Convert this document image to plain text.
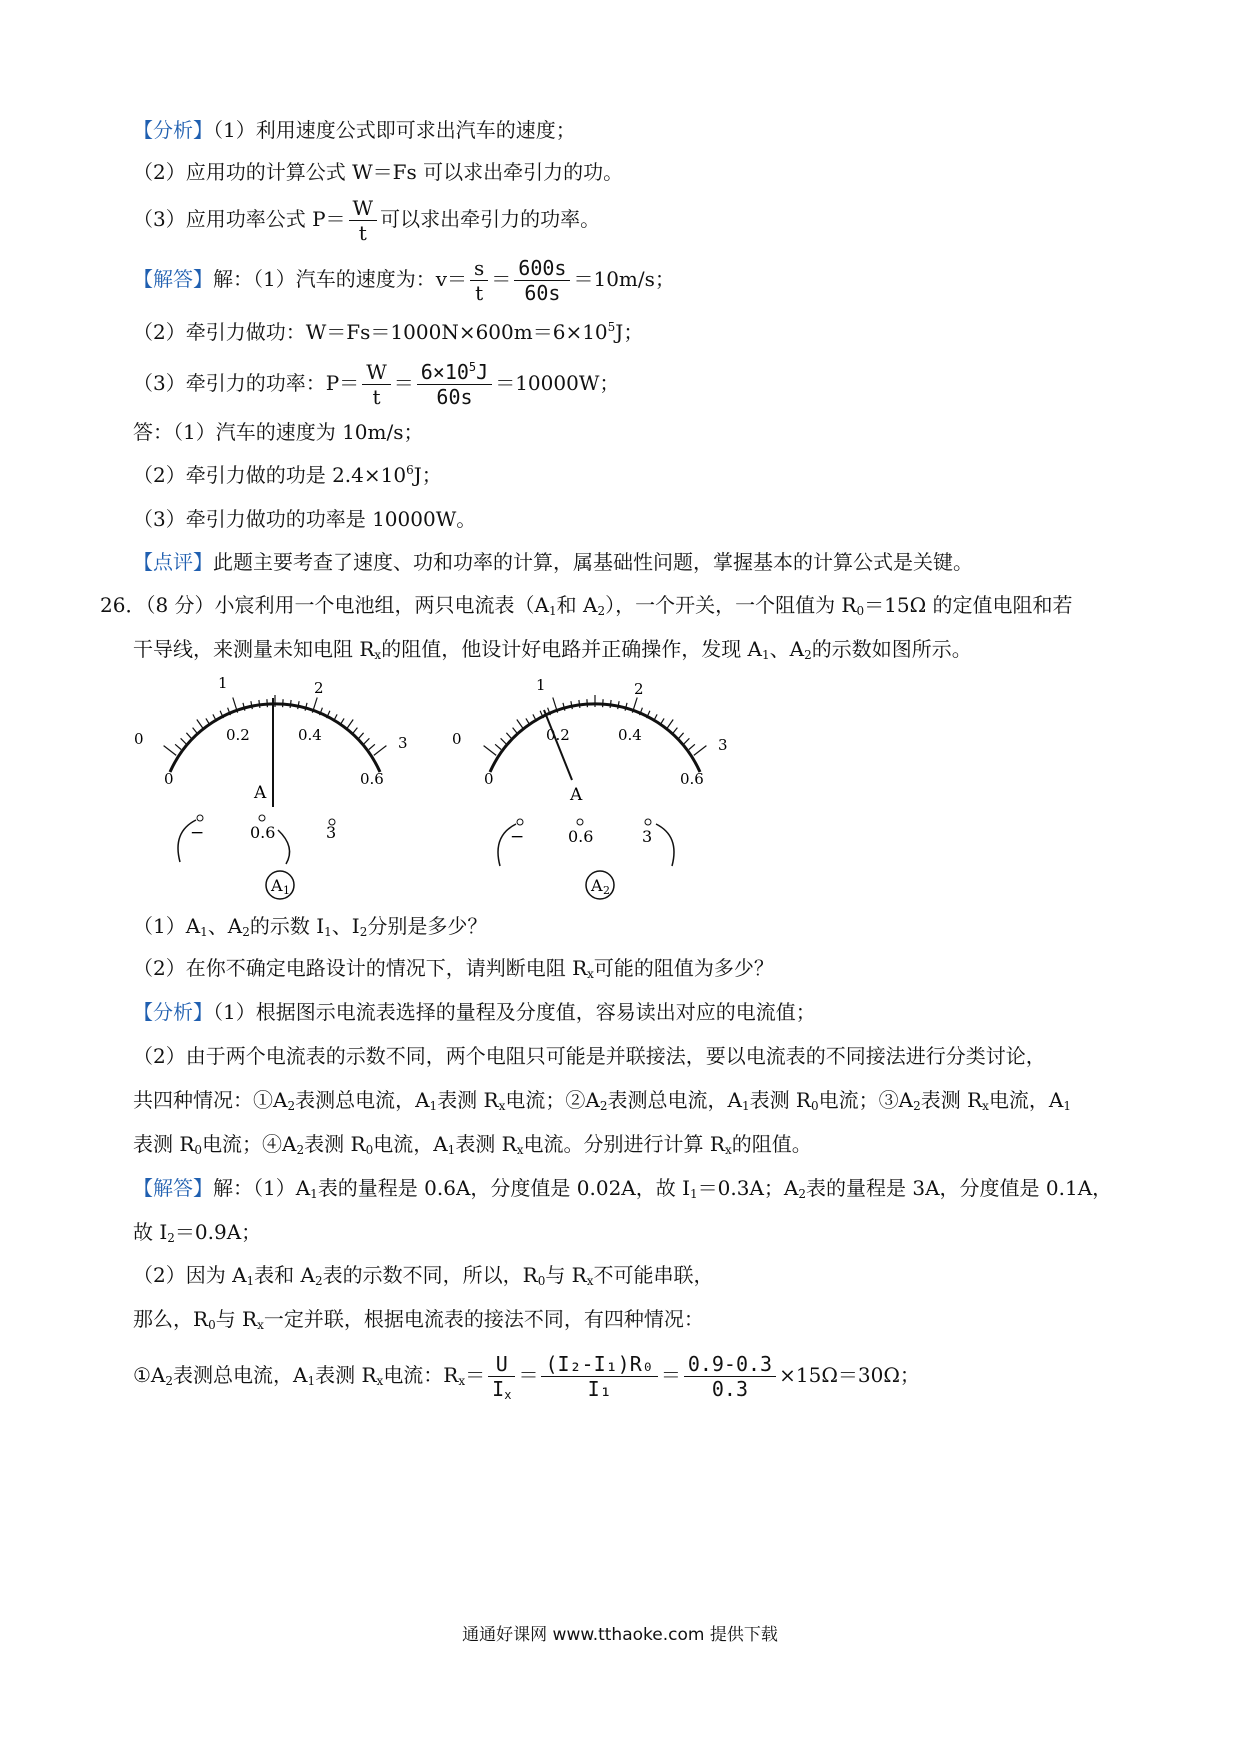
【分析】（1）利用速度公式即可求出汽车的速度；
（2）应用功的计算公式 W＝Fs 可以求出牵引力的功。
（3）应用功率公式 $P= \frac{W}{t}$ 可以求出牵引力的功率。
【解答】解：（1）汽车的速度为：$v= \frac{s}{t} = \frac{600s}{60s} =10m/s$；
（2）牵引力做功：$W=Fs=1000N\times 600m=6\times 10^5J$；
（3）牵引力的功率：$P= \frac{W}{t} = \frac{6\times 10^5J}{60s} =10000W$；
答：（1）汽车的速度为 10m/s；
（2）牵引力做的功是 $2.4\times 10^6J$；
（3）牵引力做功的功率是 10000W。
【点评】此题主要考查了速度、功和功率的计算，属基础性问题，掌握基本的计算公式是关键。
26．（8 分）小宸利用一个电池组，两只电流表（$A_1$和 $A_2$），一个开关，一个阻值为 $R_0=15\Omega$ 的定值电阻和若
干导线，来测量未知电阻 $R_x$的阻值，他设计好电路并正确操作，发现 $A_1$、$A_2$的示数如图所示。
0
1	2
3
0
0.2	0.4
0.6
A
−	0.6	3
A 1
0
1	2
3
0
0.2	0.4
0.6
A
−	0.6	3
A 2
$(1)A_1$、$A_2$的示数 $I_1$、$I_2$分别是多少？
（2）在你不确定电路设计的情况下，请判断电阻 $R_x$可能的阻值为多少？
【分析】（1）根据图示电流表选择的量程及分度值，容易读出对应的电流值；
（2）由于两个电流表的示数不同，两个电阻只可能是并联接法，要以电流表的不同接法进行分类讨论，
共四种情况：$①A_2$表测总电流，$A_1$表测 $R_x$电流；$②A_2$表测总电流，$A_1$表测 $R_0$电流；$③A_2$表测 $R_x$电流，$A_1$
表测 $R_0$电流；$④A_2$表测 $R_0$电流，$A_1$表测 $R_x$电流。分别进行计算 $R_x$的阻值。
【解答】解：$(1)A_1$表的量程是 0.6A，分度值是 0.02A，故 $I_1=0.3A$；$A_2$表的量程是 3A，分度值是 0.1A，
故 $I_2=0.9A$；
（2）因为 $A_1$表和 $A_2$表的示数不同，所以，$R_0$与 $R_x$不可能串联，
那么，$R_0$与 $R_x$一定并联，根据电流表的接法不同，有四种情况：
$①A_2$表测总电流，$A_1$表测 $R_x$电流：$R_x= \frac{U}{I_x} = \frac{\text{(I₂-I₁)R₀}}{\text{I₁}} = \frac{0.9-0.3}{0.3} \times 15\Omega=30\Omega$；
通通好课网 www.tthaoke.com 提供下载
